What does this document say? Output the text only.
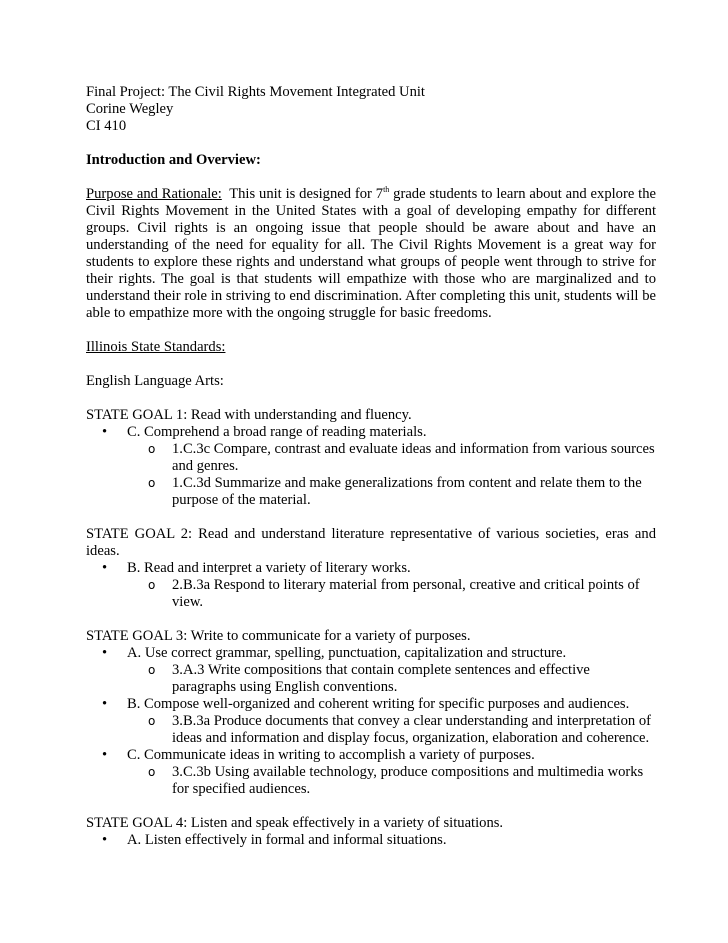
Final Project: The Civil Rights Movement Integrated Unit
Corine Wegley
CI 410
Introduction and Overview:
Purpose and Rationale:  This unit is designed for 7th grade students to learn about and explore the Civil Rights Movement in the United States with a goal of developing empathy for different groups. Civil rights is an ongoing issue that people should be aware about and have an understanding of the need for equality for all. The Civil Rights Movement is a great way for students to explore these rights and understand what groups of people went through to strive for their rights. The goal is that students will empathize with those who are marginalized and to understand their role in striving to end discrimination. After completing this unit, students will be able to empathize more with the ongoing struggle for basic freedoms.
Illinois State Standards:
English Language Arts:
STATE GOAL 1: Read with understanding and fluency.
• C. Comprehend a broad range of reading materials.
o 1.C.3c Compare, contrast and evaluate ideas and information from various sources and genres.
o 1.C.3d Summarize and make generalizations from content and relate them to the purpose of the material.
STATE GOAL 2: Read and understand literature representative of various societies, eras and ideas.
• B. Read and interpret a variety of literary works.
o 2.B.3a Respond to literary material from personal, creative and critical points of view.
STATE GOAL 3: Write to communicate for a variety of purposes.
• A. Use correct grammar, spelling, punctuation, capitalization and structure.
o 3.A.3 Write compositions that contain complete sentences and effective paragraphs using English conventions.
• B. Compose well-organized and coherent writing for specific purposes and audiences.
o 3.B.3a Produce documents that convey a clear understanding and interpretation of ideas and information and display focus, organization, elaboration and coherence.
• C. Communicate ideas in writing to accomplish a variety of purposes.
o 3.C.3b Using available technology, produce compositions and multimedia works for specified audiences.
STATE GOAL 4: Listen and speak effectively in a variety of situations.
• A. Listen effectively in formal and informal situations.
